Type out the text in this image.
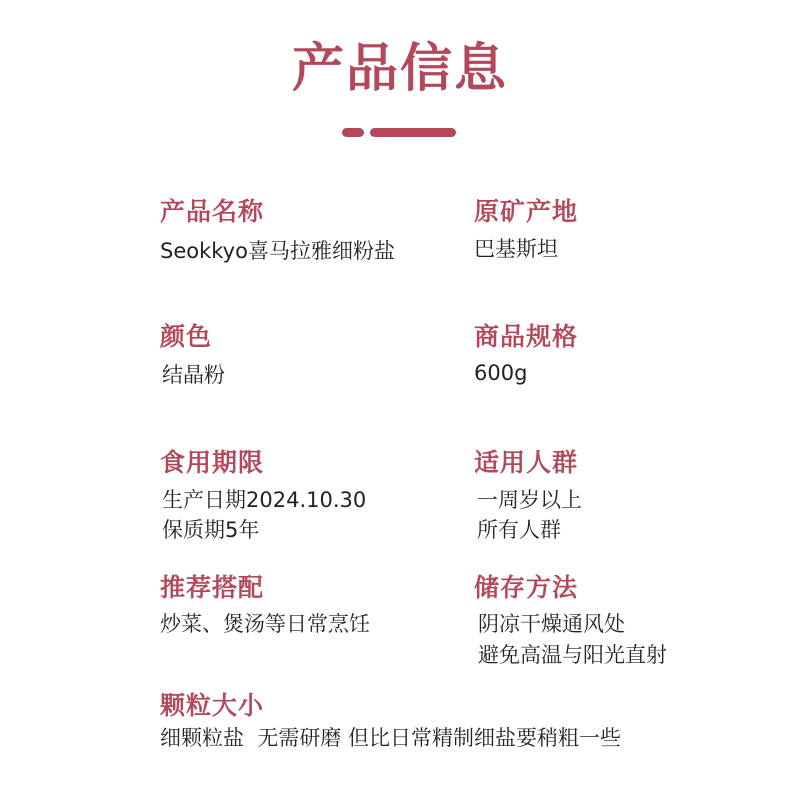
产品信息
产品名称
Seokkyo喜马拉雅细粉盐
原矿产地
巴基斯坦
颜色
结晶粉
商品规格
600g
食用期限
生产日期2024.10.30
保质期5年
适用人群
一周岁以上
所有人群
推荐搭配
炒菜、煲汤等日常烹饪
储存方法
阴凉干燥通风处
避免高温与阳光直射
颗粒大小
细颗粒盐  无需研磨 但比日常精制细盐要稍粗一些
